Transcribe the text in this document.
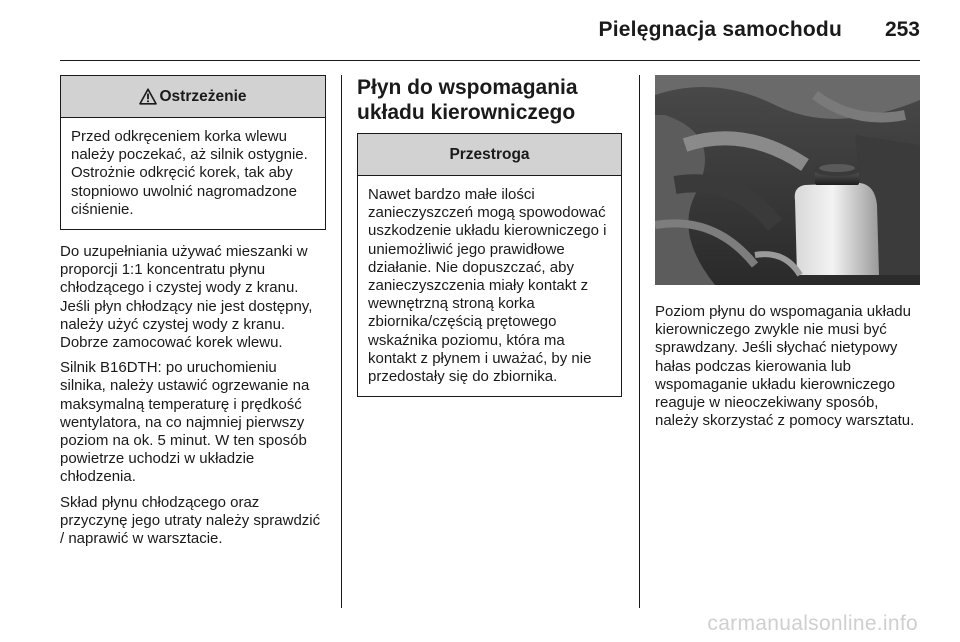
Pielęgnacja samochodu 253
Ostrzeżenie
Przed odkręceniem korka wlewu należy poczekać, aż silnik ostygnie. Ostrożnie odkręcić korek, tak aby stopniowo uwolnić nagromadzone ciśnienie.

Do uzupełniania używać mieszanki w proporcji 1:1 koncentratu płynu chłodzącego i czystej wody z kranu. Jeśli płyn chłodzący nie jest dostępny, należy użyć czystej wody z kranu. Dobrze zamocować korek wlewu.

Silnik B16DTH: po uruchomieniu silnika, należy ustawić ogrzewanie na maksymalną temperaturę i prędkość wentylatora, na co najmniej pierwszy poziom na ok. 5 minut. W ten sposób powietrze uchodzi w układzie chłodzenia.

Skład płynu chłodzącego oraz przyczynę jego utraty należy sprawdzić / naprawić w warsztacie.

Płyn do wspomagania układu kierowniczego
Przestroga
Nawet bardzo małe ilości zanieczyszczeń mogą spowodować uszkodzenie układu kierowniczego i uniemożliwić jego prawidłowe działanie. Nie dopuszczać, aby zanieczyszczenia miały kontakt z wewnętrzną stroną korka zbiornika/częścią prętowego wskaźnika poziomu, która ma kontakt z płynem i uważać, by nie przedostały się do zbiornika.

Poziom płynu do wspomagania układu kierowniczego zwykle nie musi być sprawdzany. Jeśli słychać nietypowy hałas podczas kierowania lub wspomaganie układu kierowniczego reaguje w nieoczekiwany sposób, należy skorzystać z pomocy warsztatu.

carmanualsonline.info
